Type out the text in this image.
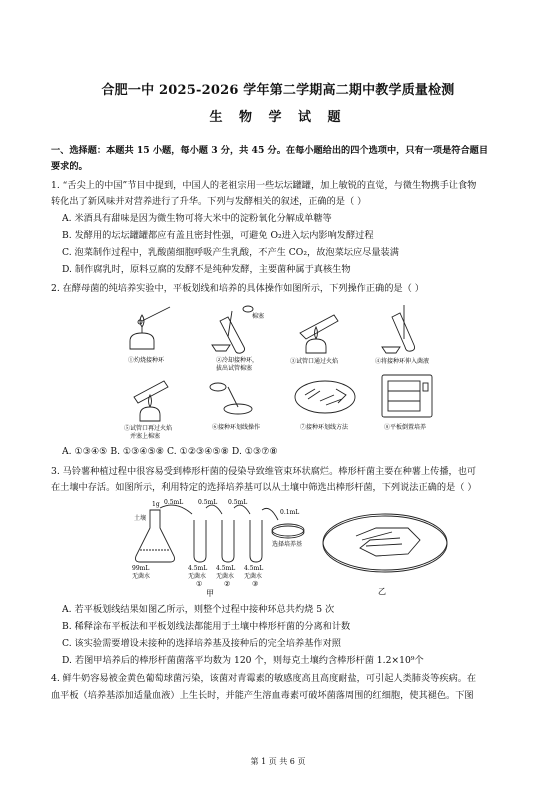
合肥一中 2025-2026 学年第二学期高二期中教学质量检测
生 物 学 试 题
一、选择题：本题共 15 小题，每小题 3 分，共 45 分。在每小题给出的四个选项中，只有一项是符合题目
要求的。
1. “舌尖上的中国”节目中提到，中国人的老祖宗用一些坛坛罐罐，加上敏锐的直觉，与微生物携手让食物
转化出了新风味并对营养进行了升华。下列与发酵相关的叙述，正确的是（ ）
A. 米酒具有甜味是因为微生物可将大米中的淀粉氧化分解成单糖等
B. 发酵用的坛坛罐罐都应有盖且密封性强，可避免 O₂进入坛内影响发酵过程
C. 泡菜制作过程中，乳酸菌细胞呼吸产生乳酸，不产生 CO₂，故泡菜坛应尽量装满
D. 制作腐乳时，原料豆腐的发酵不是纯种发酵，主要菌种属于真核生物
2. 在酵母菌的纯培养实验中，平板划线和培养的具体操作如图所示，下列操作正确的是（ ）
①灼烧接种环	②冷却接种环，
拔出试管棉塞
棉塞
③试管口通过火焰	④将接种环伸入菌液
⑤试管口再过火焰
并塞上棉塞
⑥接种环划线操作	⑦接种环划线方法	⑧平板倒置培养
A. ①③④⑤ B. ①③④⑤⑧ C. ①②③④⑤⑧ D. ①③⑦⑧
3. 马铃薯种植过程中很容易受到棒形杆菌的侵染导致维管束环状腐烂。棒形杆菌主要在种薯上传播，也可
在土壤中存活。如图所示，利用特定的选择培养基可以从土壤中筛选出棒形杆菌，下列说法正确的是（ ）
土壤
1g 0.5mL 0.5mL 0.5mL
0.1mL
选择培养基
99mL
无菌水
4.5mL 4.5mL 4.5mL
无菌水 无菌水 无菌水
①	②	③
甲	乙
A. 若平板划线结果如图乙所示，则整个过程中接种环总共灼烧 5 次
B. 稀释涂布平板法和平板划线法都能用于土壤中棒形杆菌的分离和计数
C. 该实验需要增设未接种的选择培养基及接种后的完全培养基作对照
D. 若图甲培养后的棒形杆菌菌落平均数为 120 个，则每克土壤约含棒形杆菌 1.2×10⁹个
4. 鲜牛奶容易被金黄色葡萄球菌污染，该菌对青霉素的敏感度高且高度耐盐，可引起人类肺炎等疾病。在
血平板（培养基添加适量血液）上生长时，并能产生溶血毒素可破坏菌落周围的红细胞，使其褪色。下图
第 1 页 共 6 页
